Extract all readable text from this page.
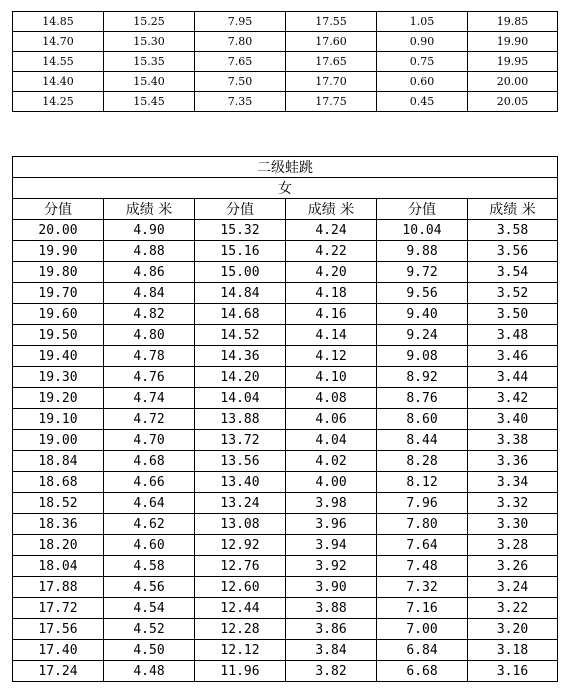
14.85	15.25	7.95	17.55	1.05	19.85
14.70	15.30	7.80	17.60	0.90	19.90
14.55	15.35	7.65	17.65	0.75	19.95
14.40	15.40	7.50	17.70	0.60	20.00
14.25	15.45	7.35	17.75	0.45	20.05
二级蛙跳					
女					
分值	成绩 米	分值	成绩 米	分值	成绩 米
20.00	4.90	15.32	4.24	10.04	3.58
19.90	4.88	15.16	4.22	9.88	3.56
19.80	4.86	15.00	4.20	9.72	3.54
19.70	4.84	14.84	4.18	9.56	3.52
19.60	4.82	14.68	4.16	9.40	3.50
19.50	4.80	14.52	4.14	9.24	3.48
19.40	4.78	14.36	4.12	9.08	3.46
19.30	4.76	14.20	4.10	8.92	3.44
19.20	4.74	14.04	4.08	8.76	3.42
19.10	4.72	13.88	4.06	8.60	3.40
19.00	4.70	13.72	4.04	8.44	3.38
18.84	4.68	13.56	4.02	8.28	3.36
18.68	4.66	13.40	4.00	8.12	3.34
18.52	4.64	13.24	3.98	7.96	3.32
18.36	4.62	13.08	3.96	7.80	3.30
18.20	4.60	12.92	3.94	7.64	3.28
18.04	4.58	12.76	3.92	7.48	3.26
17.88	4.56	12.60	3.90	7.32	3.24
17.72	4.54	12.44	3.88	7.16	3.22
17.56	4.52	12.28	3.86	7.00	3.20
17.40	4.50	12.12	3.84	6.84	3.18
17.24	4.48	11.96	3.82	6.68	3.16
